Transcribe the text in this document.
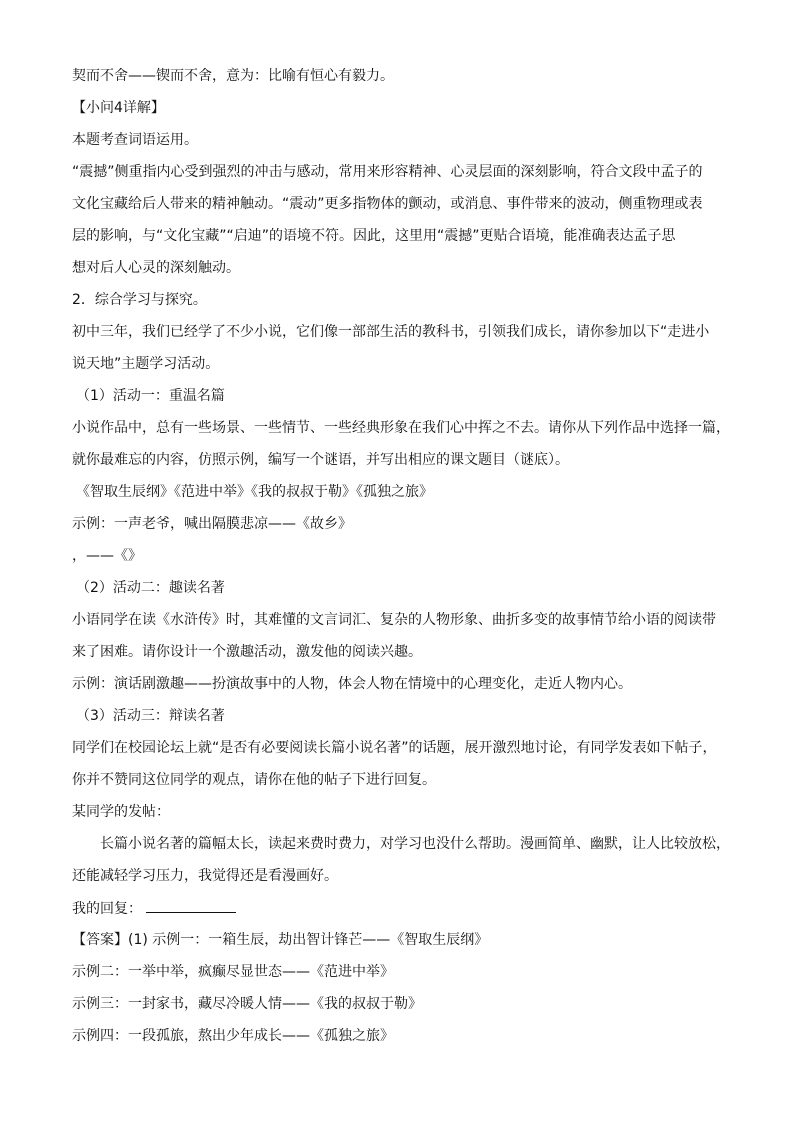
契而不舍——锲而不舍，意为：比喻有恒心有毅力。
【小问4详解】
本题考查词语运用。
“震撼”侧重指内心受到强烈的冲击与感动，常用来形容精神、心灵层面的深刻影响，符合文段中孟子的
文化宝藏给后人带来的精神触动。“震动”更多指物体的颤动，或消息、事件带来的波动，侧重物理或表
层的影响，与“文化宝藏”“启迪”的语境不符。因此，这里用“震撼”更贴合语境，能准确表达孟子思
想对后人心灵的深刻触动。
2．综合学习与探究。
初中三年，我们已经学了不少小说，它们像一部部生活的教科书，引领我们成长，请你参加以下“走进小
说天地”主题学习活动。
（1）活动一：重温名篇
小说作品中，总有一些场景、一些情节、一些经典形象在我们心中挥之不去。请你从下列作品中选择一篇，
就你最难忘的内容，仿照示例，编写一个谜语，并写出相应的课文题目（谜底）。
《智取生辰纲》《范进中举》《我的叔叔于勒》《孤独之旅》
示例：一声老爷，喊出隔膜悲凉——《故乡》
，——《》
（2）活动二：趣读名著
小语同学在读《水浒传》时，其难懂的文言词汇、复杂的人物形象、曲折多变的故事情节给小语的阅读带
来了困难。请你设计一个激趣活动，激发他的阅读兴趣。
示例：演话剧激趣——扮演故事中的人物，体会人物在情境中的心理变化，走近人物内心。
（3）活动三：辩读名著
同学们在校园论坛上就“是否有必要阅读长篇小说名著”的话题，展开激烈地讨论，有同学发表如下帖子，
你并不赞同这位同学的观点，请你在他的帖子下进行回复。
某同学的发帖：
长篇小说名著的篇幅太长，读起来费时费力，对学习也没什么帮助。漫画简单、幽默，让人比较放松，
还能减轻学习压力，我觉得还是看漫画好。
我的回复：
【答案】(1) 示例一：一箱生辰，劫出智计锋芒——《智取生辰纲》
示例二：一举中举，疯癫尽显世态——《范进中举》
示例三：一封家书，藏尽冷暖人情——《我的叔叔于勒》
示例四：一段孤旅，熬出少年成长——《孤独之旅》
